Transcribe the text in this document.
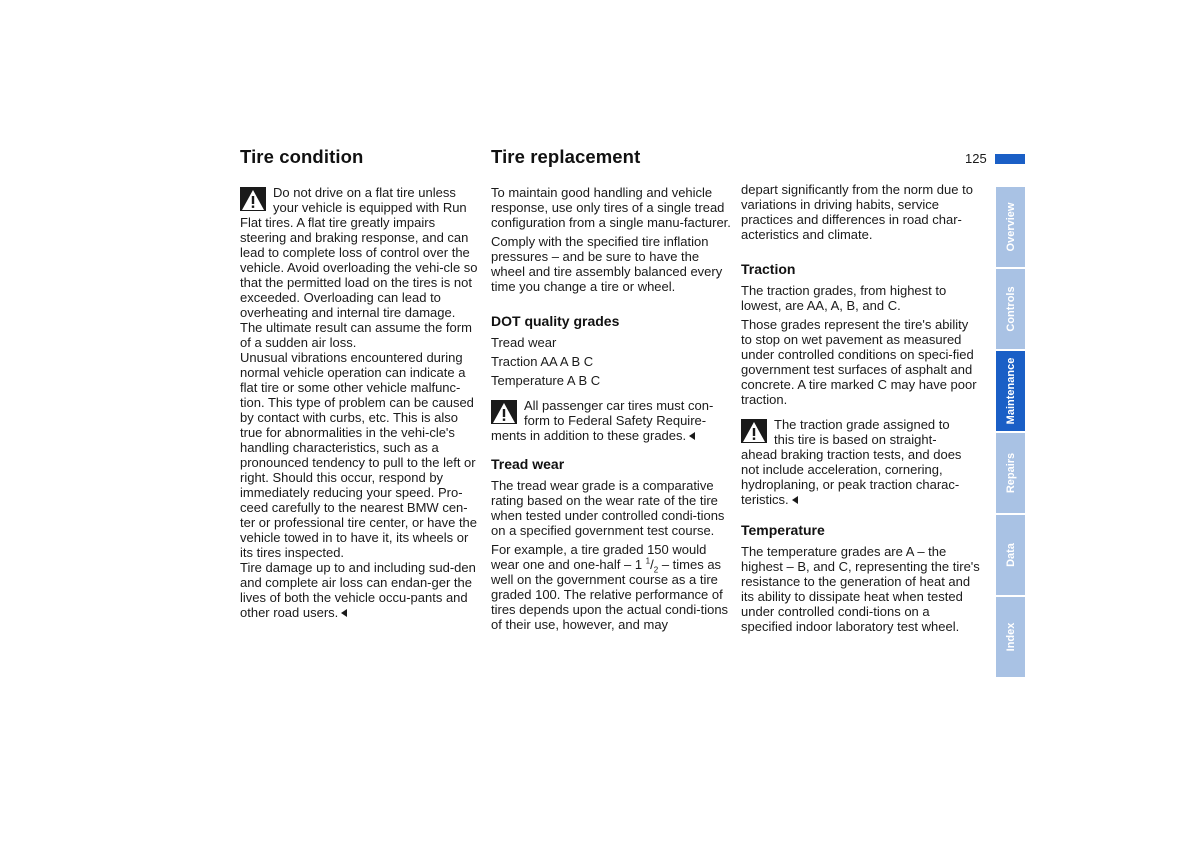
Tire condition
Do not drive on a flat tire unless
your vehicle is equipped with Run
Flat tires. A flat tire greatly impairs steering and braking response, and can lead to complete loss of control over the vehicle. Avoid overloading the vehi-cle so that the permitted load on the tires is not exceeded. Overloading can lead to overheating and internal tire damage.
The ultimate result can assume the form of a sudden air loss.
Unusual vibrations encountered during normal vehicle operation can indicate a flat tire or some other vehicle malfunc-tion. This type of problem can be caused by contact with curbs, etc. This is also true for abnormalities in the vehi-cle's handling characteristics, such as a pronounced tendency to pull to the left or right. Should this occur, respond by immediately reducing your speed. Pro-ceed carefully to the nearest BMW cen-ter or professional tire center, or have the vehicle towed in to have it, its wheels or its tires inspected.
Tire damage up to and including sud-den and complete air loss can endan-ger the lives of both the vehicle occu-pants and other road users.
Tire replacement

To maintain good handling and vehicle response, use only tires of a single tread configuration from a single manu-facturer.

Comply with the specified tire inflation pressures – and be sure to have the wheel and tire assembly balanced every time you change a tire or wheel.

DOT quality grades

Tread wear

Traction AA A B C

Temperature A B C

All passenger car tires must con-
form to Federal Safety Require-
ments in addition to these grades.
Tread wear

The tread wear grade is a comparative rating based on the wear rate of the tire when tested under controlled condi-tions on a specified government test course.

For example, a tire graded 150 would wear one and one-half – 1 $^1/_2$ – times as well on the government course as a tire graded 100. The relative performance of tires depends upon the actual condi-tions of their use, however, and may

depart significantly from the norm due to variations in driving habits, service practices and differences in road char-acteristics and climate.

Traction

The traction grades, from highest to lowest, are AA, A, B, and C.

Those grades represent the tire's ability to stop on wet pavement as measured under controlled conditions on speci-fied government test surfaces of asphalt and concrete. A tire marked C may have poor traction.

The traction grade assigned to
this tire is based on straight-
ahead braking traction tests, and does not include acceleration, cornering, hydroplaning, or peak traction charac-teristics.
Temperature

The temperature grades are A – the highest – B, and C, representing the tire's resistance to the generation of heat and its ability to dissipate heat when tested under controlled condi-tions on a specified indoor laboratory test wheel.

125
Overview
Controls
Maintenance
Repairs
Data
Index
